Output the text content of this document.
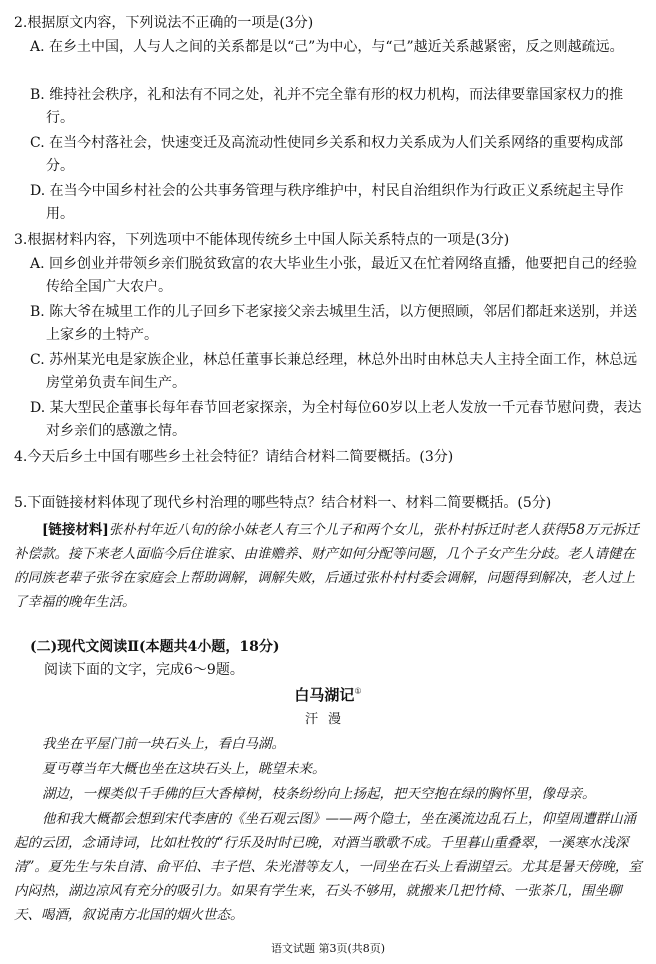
2.根据原文内容，下列说法不正确的一项是(3分)
A. 在乡土中国，人与人之间的关系都是以“己”为中心，与“己”越近关系越紧密，反之则越疏远。
B. 维持社会秩序，礼和法有不同之处，礼并不完全靠有形的权力机构，而法律要靠国家权力的推行。
C. 在当今村落社会，快速变迁及高流动性使同乡关系和权力关系成为人们关系网络的重要构成部分。
D. 在当今中国乡村社会的公共事务管理与秩序维护中，村民自治组织作为行政正义系统起主导作用。
3.根据材料内容，下列选项中不能体现传统乡土中国人际关系特点的一项是(3分)
A. 回乡创业并带领乡亲们脱贫致富的农大毕业生小张，最近又在忙着网络直播，他要把自己的经验传给全国广大农户。
B. 陈大爷在城里工作的儿子回乡下老家接父亲去城里生活，以方便照顾，邻居们都赶来送别，并送上家乡的土特产。
C. 苏州某光电是家族企业，林总任董事长兼总经理，林总外出时由林总夫人主持全面工作，林总远房堂弟负责车间生产。
D. 某大型民企董事长每年春节回老家探亲，为全村每位60岁以上老人发放一千元春节慰问费，表达对乡亲们的感激之情。
4.今天后乡土中国有哪些乡土社会特征？请结合材料二简要概括。(3分)
5.下面链接材料体现了现代乡村治理的哪些特点？结合材料一、材料二简要概括。(5分)
[链接材料]张朴村年近八旬的徐小妹老人有三个儿子和两个女儿，张朴村拆迁时老人获得58万元拆迁补偿款。接下来老人面临今后住谁家、由谁赡养、财产如何分配等问题，几个子女产生分歧。老人请健在的同族老辈子张爷在家庭会上帮助调解，调解失败，后通过张朴村村委会调解，问题得到解决，老人过上了幸福的晚年生活。
(二)现代文阅读Ⅱ(本题共4小题，18分)
阅读下面的文字，完成6～9题。
白马湖记①
汗漫
我坐在平屋门前一块石头上，看白马湖。
夏丏尊当年大概也坐在这块石头上，眺望未来。
湖边，一棵类似千手佛的巨大香樟树，枝条纷纷向上扬起，把天空抱在绿的胸怀里，像母亲。
他和我大概都会想到宋代李唐的《坐石观云图》——两个隐士，坐在溪流边乱石上，仰望周遭群山涌起的云团，念诵诗词，比如杜牧的“行乐及时时已晚，对酒当歌歌不成。千里暮山重叠翠，一溪寒水浅深清”。夏先生与朱自清、俞平伯、丰子恺、朱光潜等友人，一同坐在石头上看湖望云。尤其是暑天傍晚，室内闷热，湖边凉风有充分的吸引力。如果有学生来，石头不够用，就搬来几把竹椅、一张茶几，围坐聊天、喝酒，叙说南方北国的烟火世态。
语文试题 第3页(共8页)
